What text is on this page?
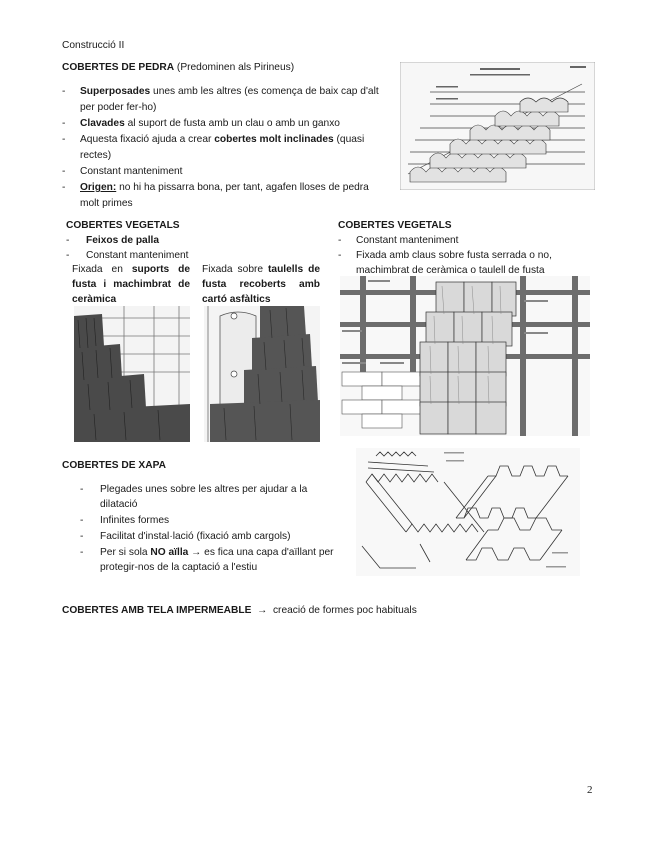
Construcció II
COBERTES DE PEDRA (Predominen als Pirineus)
- Superposades unes amb les altres (es comença de baix cap d'alt
per poder fer-ho)
- Clavades al suport de fusta amb un clau o amb un ganxo
- Aquesta fixació ajuda a crear cobertes molt inclinades (quasi
rectes)
- Constant manteniment
- Origen: no hi ha pissarra bona, per tant, agafen lloses de pedra
molt primes
COBERTES VEGETALS
- Feixos de palla
- Constant manteniment
Fixada en suports de fusta i machimbrat de ceràmica
Fixada sobre taulells de fusta recoberts amb cartó asfàltics
COBERTES VEGETALS
- Constant manteniment
- Fixada amb claus sobre fusta serrada o no,
machimbrat de ceràmica o taulell de fusta
COBERTES DE XAPA
- Plegades unes sobre les altres per ajudar a la
dilatació
- Infinites formes
- Facilitat d'instal·lació (fixació amb cargols)
- Per si sola NO aïlla → es fica una capa d'aïllant per
protegir-nos de la captació a l'estiu
COBERTES AMB TELA IMPERMEABLE → creació de formes poc habituals
2
